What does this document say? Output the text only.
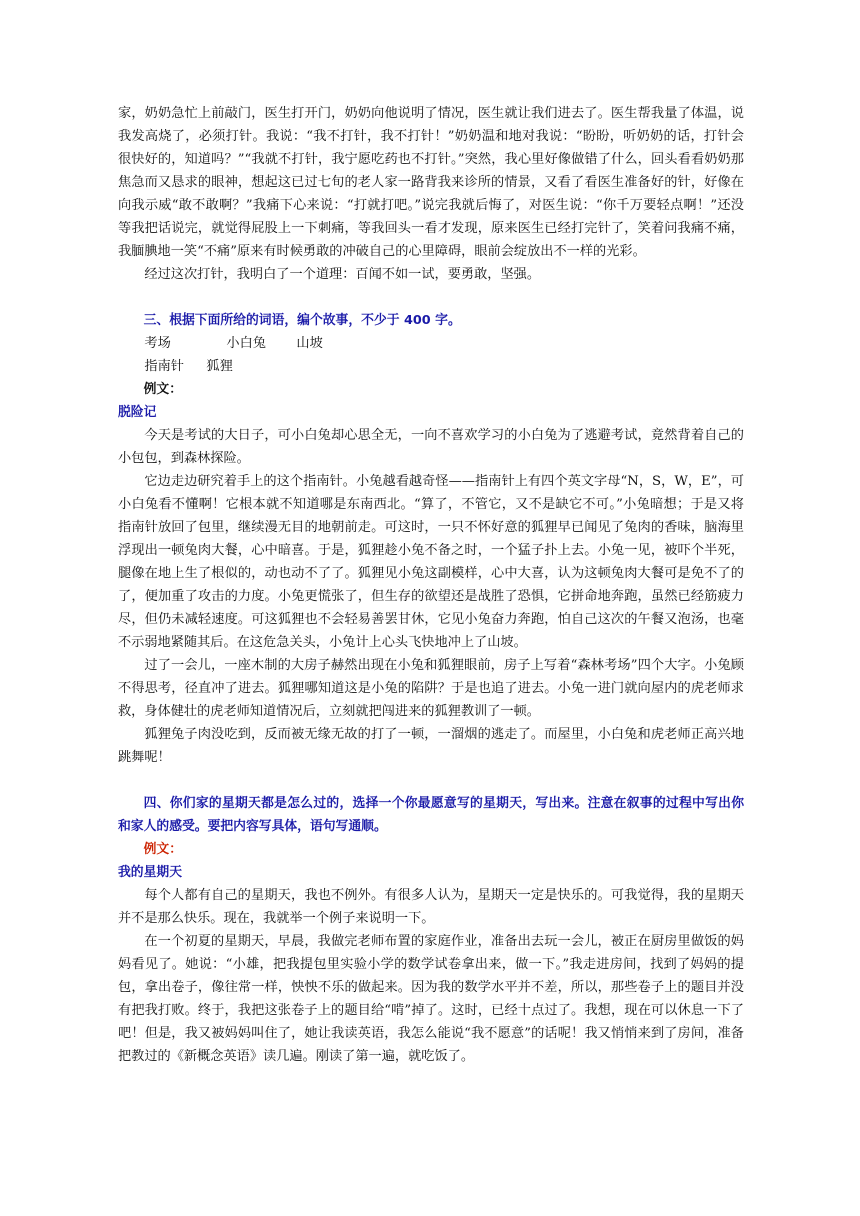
家，奶奶急忙上前敲门，医生打开门，奶奶向他说明了情况，医生就让我们进去了。医生帮我量了体温，说我发高烧了，必须打针。我说：“我不打针，我不打针！”奶奶温和地对我说：“盼盼，听奶奶的话，打针会很快好的，知道吗？”“我就不打针，我宁愿吃药也不打针。”突然，我心里好像做错了什么，回头看看奶奶那焦急而又恳求的眼神，想起这已过七旬的老人家一路背我来诊所的情景，又看了看医生准备好的针，好像在向我示威“敢不敢啊？”我痛下心来说：“打就打吧。”说完我就后悔了，对医生说：“你千万要轻点啊！”还没等我把话说完，就觉得屁股上一下刺痛，等我回头一看才发现，原来医生已经打完针了，笑着问我痛不痛，我腼腆地一笑“不痛”原来有时候勇敢的冲破自己的心里障碍，眼前会绽放出不一样的光彩。

经过这次打针，我明白了一个道理：百闻不如一试，要勇敢，坚强。

三、根据下面所给的词语，编个故事，不少于 400 字。

考场	小白兔 山坡

指南针 狐狸

例文：

脱险记

今天是考试的大日子，可小白兔却心思全无，一向不喜欢学习的小白兔为了逃避考试，竟然背着自己的小包包，到森林探险。

它边走边研究着手上的这个指南针。小兔越看越奇怪——指南针上有四个英文字母“N，S，W，E”，可小白兔看不懂啊！它根本就不知道哪是东南西北。“算了，不管它，又不是缺它不可。”小兔暗想；于是又将指南针放回了包里，继续漫无目的地朝前走。可这时，一只不怀好意的狐狸早已闻见了兔肉的香味，脑海里浮现出一顿兔肉大餐，心中暗喜。于是，狐狸趁小兔不备之时，一个猛子扑上去。小兔一见，被吓个半死，腿像在地上生了根似的，动也动不了了。狐狸见小兔这副模样，心中大喜，认为这顿兔肉大餐可是免不了的了，便加重了攻击的力度。小兔更慌张了，但生存的欲望还是战胜了恐惧，它拼命地奔跑，虽然已经筋疲力尽，但仍未减轻速度。可这狐狸也不会轻易善罢甘休，它见小兔奋力奔跑，怕自己这次的午餐又泡汤，也毫不示弱地紧随其后。在这危急关头，小兔计上心头飞快地冲上了山坡。

过了一会儿，一座木制的大房子赫然出现在小兔和狐狸眼前，房子上写着“森林考场”四个大字。小兔顾不得思考，径直冲了进去。狐狸哪知道这是小兔的陷阱？于是也追了进去。小兔一进门就向屋内的虎老师求救，身体健壮的虎老师知道情况后，立刻就把闯进来的狐狸教训了一顿。

狐狸兔子肉没吃到，反而被无缘无故的打了一顿，一溜烟的逃走了。而屋里，小白兔和虎老师正高兴地跳舞呢！

四、你们家的星期天都是怎么过的，选择一个你最愿意写的星期天，写出来。注意在叙事的过程中写出你和家人的感受。要把内容写具体，语句写通顺。

例文：

我的星期天

每个人都有自己的星期天，我也不例外。有很多人认为，星期天一定是快乐的。可我觉得，我的星期天并不是那么快乐。现在，我就举一个例子来说明一下。

在一个初夏的星期天，早晨，我做完老师布置的家庭作业，准备出去玩一会儿，被正在厨房里做饭的妈妈看见了。她说：“小雄，把我提包里实验小学的数学试卷拿出来，做一下。”我走进房间，找到了妈妈的提包，拿出卷子，像往常一样，怏怏不乐的做起来。因为我的数学水平并不差，所以，那些卷子上的题目并没有把我打败。终于，我把这张卷子上的题目给“啃”掉了。这时，已经十点过了。我想，现在可以休息一下了吧！但是，我又被妈妈叫住了，她让我读英语，我怎么能说“我不愿意”的话呢！我又悄悄来到了房间，准备把教过的《新概念英语》读几遍。刚读了第一遍，就吃饭了。
